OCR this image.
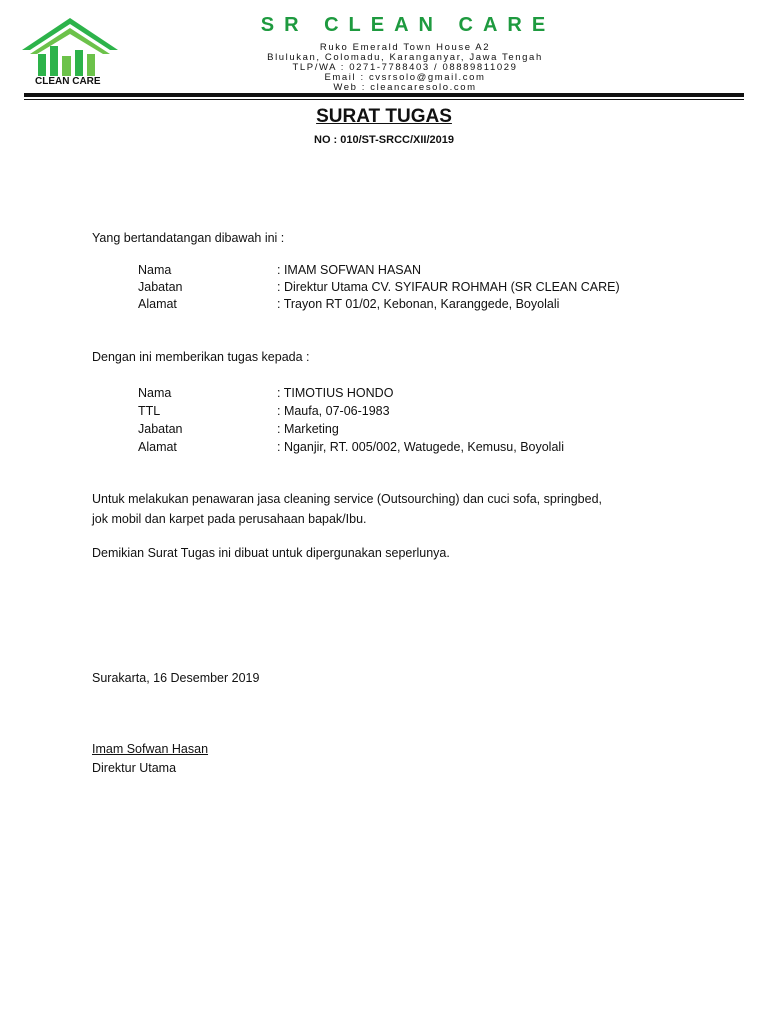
CLEAN CARE
SR CLEAN CARE

Ruko Emerald Town House A2

Blulukan, Colomadu, Karanganyar, Jawa Tengah

TLP/WA : 0271-7788403 / 08889811029

Email : cvsrsolo@gmail.com

Web : cleancaresolo.com

SURAT TUGAS

NO : 010/ST-SRCC/XII/2019

Yang bertandatangan dibawah ini :

Nama	: IMAM SOFWAN HASAN

Jabatan	: Direktur Utama CV. SYIFAUR ROHMAH (SR CLEAN CARE)

Alamat	: Trayon RT 01/02, Kebonan, Karanggede, Boyolali

Dengan ini memberikan tugas kepada :

Nama	: TIMOTIUS HONDO

TTL	: Maufa, 07-06-1983

Jabatan	: Marketing

Alamat	: Nganjir, RT. 005/002, Watugede, Kemusu, Boyolali

Untuk melakukan penawaran jasa cleaning service (Outsourching) dan cuci sofa, springbed,

jok mobil dan karpet pada perusahaan bapak/Ibu.

Demikian Surat Tugas ini dibuat untuk dipergunakan seperlunya.

Surakarta, 16 Desember 2019

Imam Sofwan Hasan

Direktur Utama
